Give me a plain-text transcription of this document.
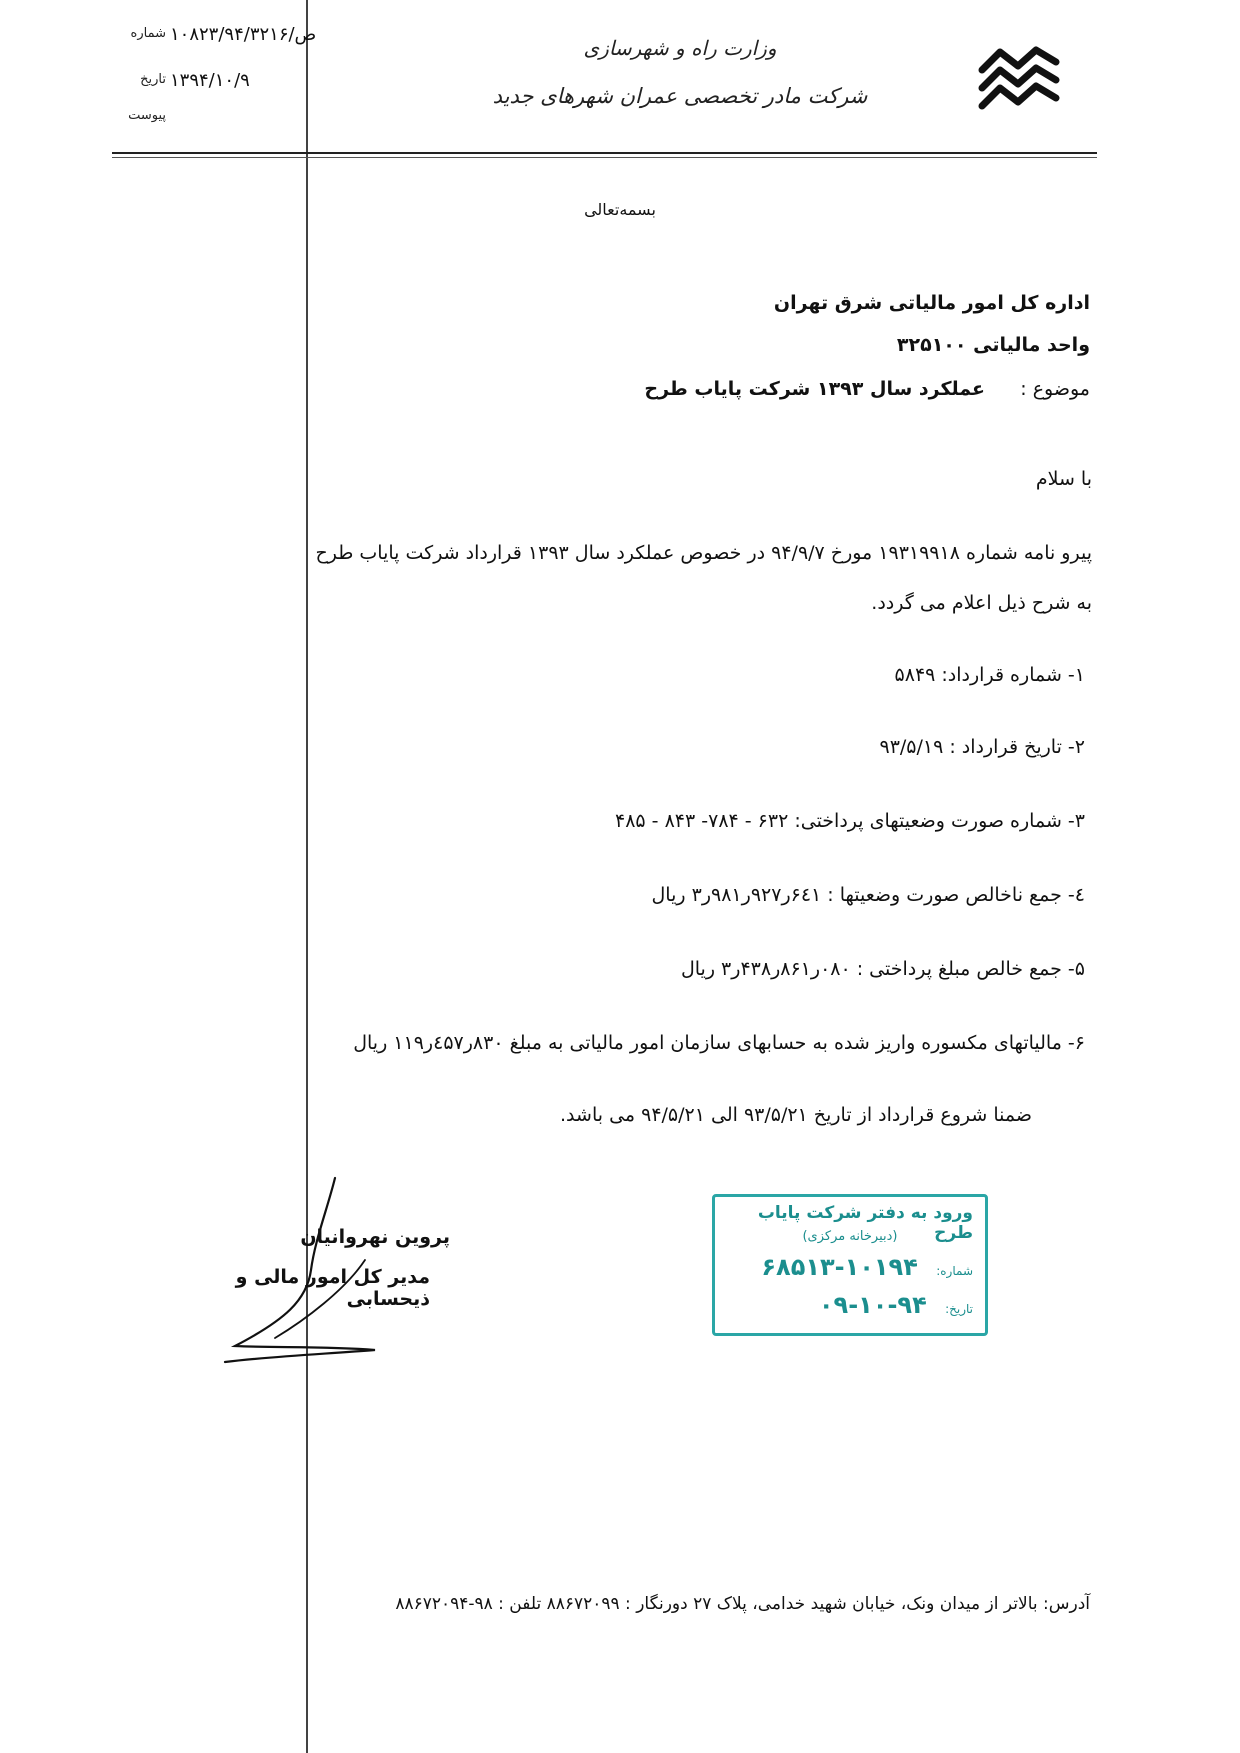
وزارت راه و شهرسازی
شرکت مادر تخصصی عمران شهرهای جدید
شماره ۱۰۸۲۳/۹۴/ص/۳۲۱۶
تاریخ ۱۳۹۴/۱۰/۹
پیوست
بسمه‌تعالی
اداره کل امور مالیاتی شرق تهران
واحد مالیاتی ۳۲۵۱۰۰
موضوع :
عملکرد سال ۱۳۹۳ شرکت پایاب طرح
با سلام
پیرو نامه شماره ۱۹۳۱۹۹۱۸ مورخ ۹۴/۹/۷ در خصوص عملکرد سال ۱۳۹۳ قرارداد شرکت پایاب طرح
به شرح ذیل اعلام می گردد.
۱- شماره قرارداد: ۵۸۴۹
۲- تاریخ قرارداد : ۹۳/۵/۱۹
۳- شماره صورت وضعیتهای پرداختی: ۶۳۲ - ۷۸۴- ۸۴۳ - ۴۸۵
٤- جمع ناخالص صورت وضعیتها : ۶٤۱ر۹۲۷ر۹۸۱ر۳ ریال
۵- جمع خالص مبلغ پرداختی : ۰۸۰ر۸۶۱ر۴۳۸ر۳ ریال
۶- مالیاتهای مکسوره واریز شده به حسابهای سازمان امور مالیاتی به مبلغ ۸۳۰ر٤۵۷ر۱۱۹ ریال
ضمنا شروع قرارداد از تاریخ ۹۳/۵/۲۱ الی ۹۴/۵/۲۱ می باشد.
ورود به دفتر شرکت پایاب طرح
(دبیرخانه مرکزی)
شماره: ۱۰۱۹۴-۶۸۵۱۳
تاریخ: ۹۴-۱۰-۰۹
پروین نهروانیان
مدیر کل امور مالی و ذیحسابی
آدرس: بالاتر از میدان ونک، خیابان شهید خدامی، پلاک ۲۷ دورنگار : ۸۸۶۷۲۰۹۹ تلفن : ۹۸-۸۸۶۷۲۰۹۴
